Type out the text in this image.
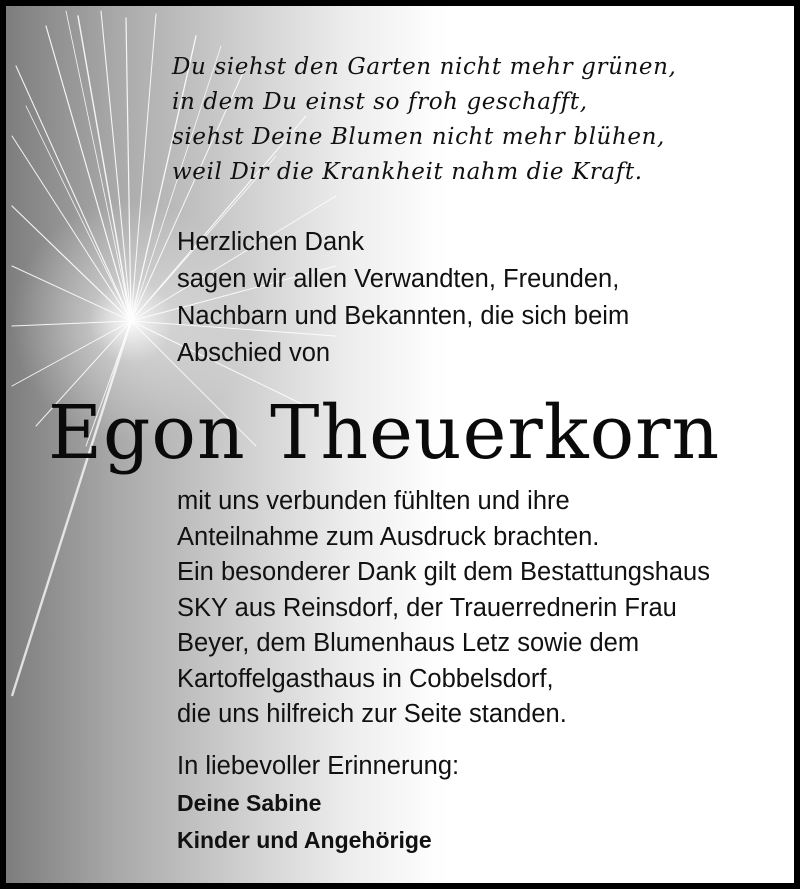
Du siehst den Garten nicht mehr grünen,
in dem Du einst so froh geschafft,
siehst Deine Blumen nicht mehr blühen,
weil Dir die Krankheit nahm die Kraft.
Herzlichen Dank
sagen wir allen Verwandten, Freunden,
Nachbarn und Bekannten, die sich beim
Abschied von
Egon Theuerkorn
mit uns verbunden fühlten und ihre
Anteilnahme zum Ausdruck brachten.
Ein besonderer Dank gilt dem Bestattungshaus
SKY aus Reinsdorf, der Trauerrednerin Frau
Beyer, dem Blumenhaus Letz sowie dem
Kartoffelgasthaus in Cobbelsdorf,
die uns hilfreich zur Seite standen.
In liebevoller Erinnerung:
Deine Sabine
Kinder und Angehörige
